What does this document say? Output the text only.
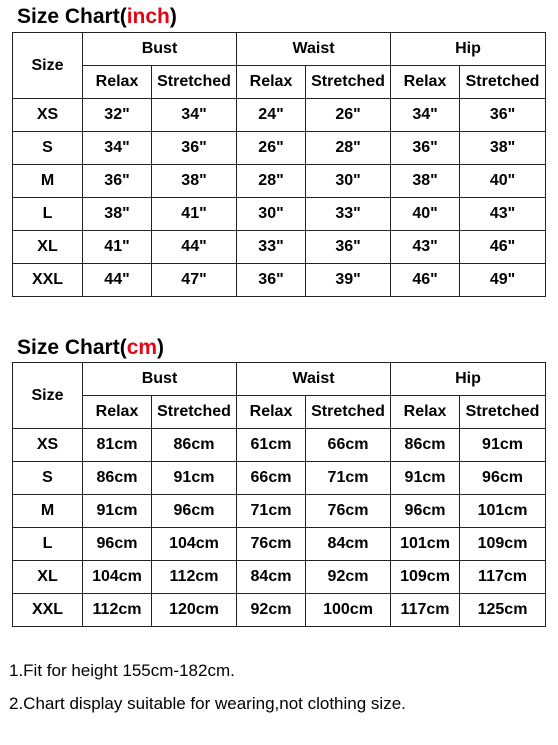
Size Chart(inch)
Size	Bust		Waist		Hip	
	Relax	Stretched	Relax	Stretched	Relax	Stretched
XS	32"	34"	24"	26"	34"	36"
S	34"	36"	26"	28"	36"	38"
M	36"	38"	28"	30"	38"	40"
L	38"	41"	30"	33"	40"	43"
XL	41"	44"	33"	36"	43"	46"
XXL	44"	47"	36"	39"	46"	49"
Size Chart(cm)
Size	Bust		Waist		Hip	
	Relax	Stretched	Relax	Stretched	Relax	Stretched
XS	81cm	86cm	61cm	66cm	86cm	91cm
S	86cm	91cm	66cm	71cm	91cm	96cm
M	91cm	96cm	71cm	76cm	96cm	101cm
L	96cm	104cm	76cm	84cm	101cm	109cm
XL	104cm	112cm	84cm	92cm	109cm	117cm
XXL	112cm	120cm	92cm	100cm	117cm	125cm
1.Fit for height 155cm-182cm.
2.Chart display suitable for wearing,not clothing size.
